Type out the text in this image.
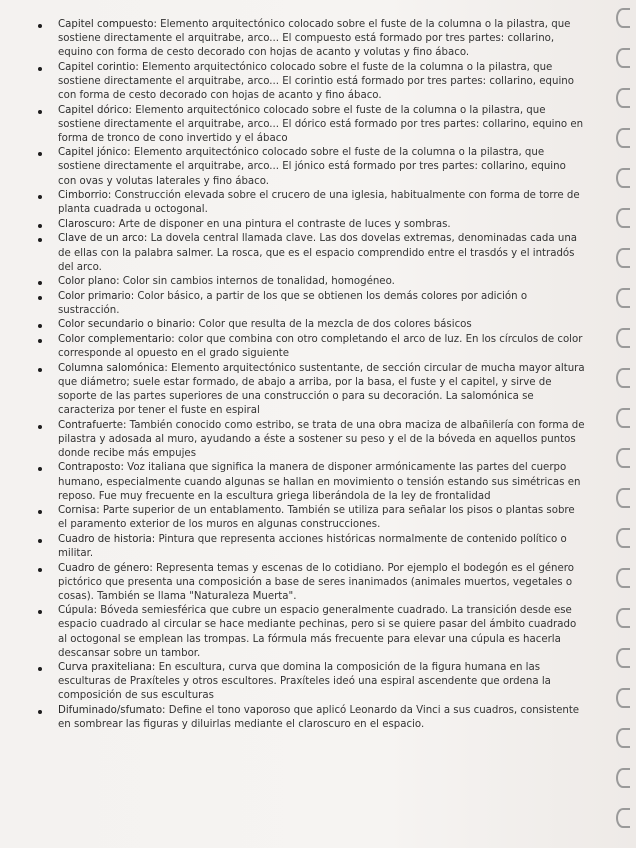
Capitel compuesto: Elemento arquitectónico colocado sobre el fuste de la columna o la pilastra, que sostiene directamente el arquitrabe, arco... El compuesto está formado por tres partes: collarino, equino con forma de cesto decorado con hojas de acanto y volutas y fino ábaco.
Capitel corintio: Elemento arquitectónico colocado sobre el fuste de la columna o la pilastra, que sostiene directamente el arquitrabe, arco... El corintio está formado por tres partes: collarino, equino con forma de cesto decorado con hojas de acanto y fino ábaco.
Capitel dórico: Elemento arquitectónico colocado sobre el fuste de la columna o la pilastra, que sostiene directamente el arquitrabe, arco... El dórico está formado por tres partes: collarino, equino en forma de tronco de cono invertido y el ábaco
Capitel jónico: Elemento arquitectónico colocado sobre el fuste de la columna o la pilastra, que sostiene directamente el arquitrabe, arco... El jónico está formado por tres partes: collarino, equino con ovas y volutas laterales y fino ábaco.
Cimborrio: Construcción elevada sobre el crucero de una iglesia, habitualmente con forma de torre de planta cuadrada u octogonal.
Claroscuro: Arte de disponer en una pintura el contraste de luces y sombras.
Clave de un arco: La dovela central llamada clave. Las dos dovelas extremas, denominadas cada una de ellas con la palabra salmer. La rosca, que es el espacio comprendido entre el trasdós y el intradós del arco.
Color plano: Color sin cambios internos de tonalidad, homogéneo.
Color primario: Color básico, a partir de los que se obtienen los demás colores por adición o sustracción.
Color secundario o binario: Color que resulta de la mezcla de dos colores básicos
Color complementario: color que combina con otro completando el arco de luz. En los círculos de color corresponde al opuesto en el grado siguiente
Columna salomónica: Elemento arquitectónico sustentante, de sección circular de mucha mayor altura que diámetro; suele estar formado, de abajo a arriba, por la basa, el fuste y el capitel, y sirve de soporte de las partes superiores de una construcción o para su decoración. La salomónica se caracteriza por tener el fuste en espiral
Contrafuerte: También conocido como estribo, se trata de una obra maciza de albañilería con forma de pilastra y adosada al muro, ayudando a éste a sostener su peso y el de la bóveda en aquellos puntos donde recibe más empujes
Contraposto: Voz italiana que significa la manera de disponer armónicamente las partes del cuerpo humano, especialmente cuando algunas se hallan en movimiento o tensión estando sus simétricas en reposo. Fue muy frecuente en la escultura griega liberándola de la ley de frontalidad
Cornisa: Parte superior de un entablamento. También se utiliza para señalar los pisos o plantas sobre el paramento exterior de los muros en algunas construcciones.
Cuadro de historia: Pintura que representa acciones históricas normalmente de contenido político o militar.
Cuadro de género: Representa temas y escenas de lo cotidiano. Por ejemplo el bodegón es el género pictórico que presenta una composición a base de seres inanimados (animales muertos, vegetales o cosas). También se llama "Naturaleza Muerta".
Cúpula: Bóveda semiesférica que cubre un espacio generalmente cuadrado. La transición desde ese espacio cuadrado al circular se hace mediante pechinas, pero si se quiere pasar del ámbito cuadrado al octogonal se emplean las trompas. La fórmula más frecuente para elevar una cúpula es hacerla descansar sobre un tambor.
Curva praxiteliana: En escultura, curva que domina la composición de la figura humana en las esculturas de Praxíteles y otros escultores. Praxíteles ideó una espiral ascendente que ordena la composición de sus esculturas
Difuminado/sfumato: Define el tono vaporoso que aplicó Leonardo da Vinci a sus cuadros, consistente en sombrear las figuras y diluirlas mediante el claroscuro en el espacio.
